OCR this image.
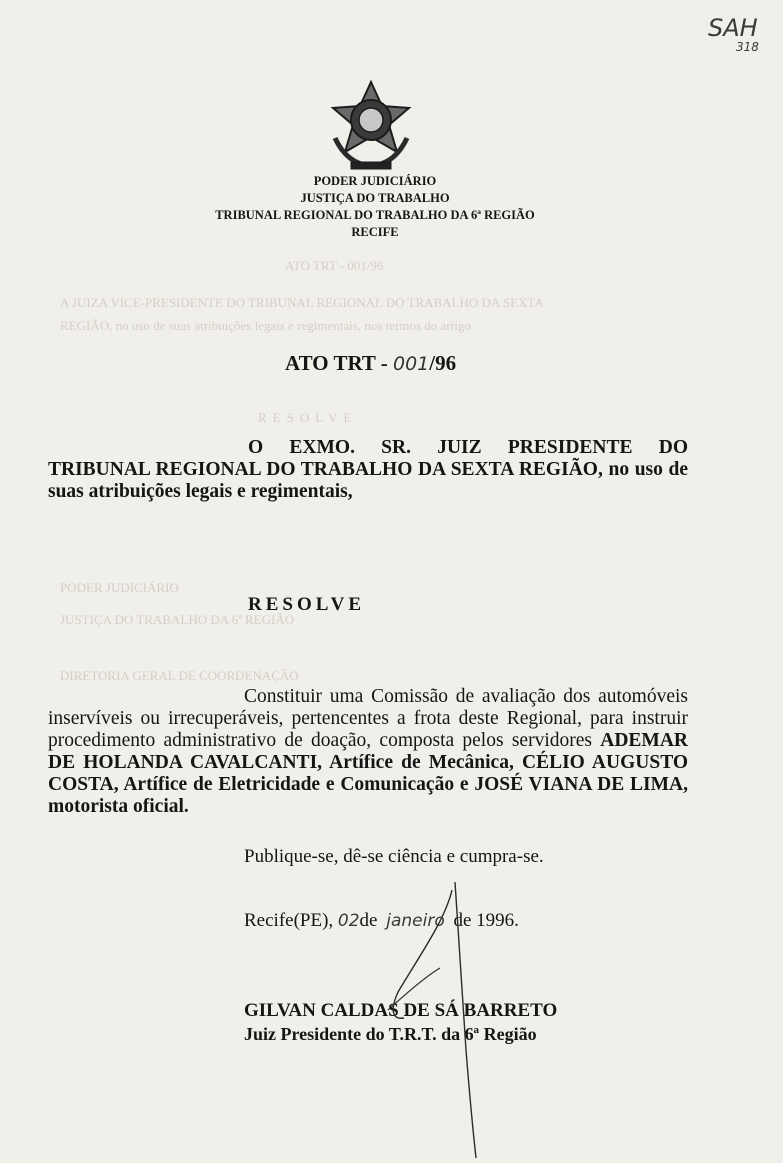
ATO TRT - 001/96
A JUIZA VICE-PRESIDENTE DO TRIBUNAL REGIONAL DO TRABALHO DA SEXTA
REGIÃO, no uso de suas atribuições legais e regimentais, nos termos do artigo
RESOLVE
PODER JUDICIÁRIO
JUSTIÇA DO TRABALHO DA 6ª REGIÃO
DIRETORIA GERAL DE COORDENAÇÃO
SAH
318
PODER JUDICIÁRIO
JUSTIÇA DO TRABALHO
TRIBUNAL REGIONAL DO TRABALHO DA 6ª REGIÃO
RECIFE
ATO TRT - 001/96
O EXMO. SR. JUIZ PRESIDENTE DO TRIBUNAL REGIONAL DO TRABALHO DA SEXTA REGIÃO, no uso de suas atribuições legais e regimentais,
RESOLVE
Constituir uma Comissão de avaliação dos automóveis inservíveis ou irrecuperáveis, pertencentes a frota deste Regional, para instruir procedimento administrativo de doação, composta pelos servidores ADEMAR DE HOLANDA CAVALCANTI, Artífice de Mecânica, CÉLIO AUGUSTO COSTA, Artífice de Eletricidade e Comunicação e JOSÉ VIANA DE LIMA, motorista oficial.
Publique-se, dê-se ciência e cumpra-se.
Recife(PE), 02de janeiro de 1996.
GILVAN CALDAS DE SÁ BARRETO
Juiz Presidente do T.R.T. da 6ª Região
